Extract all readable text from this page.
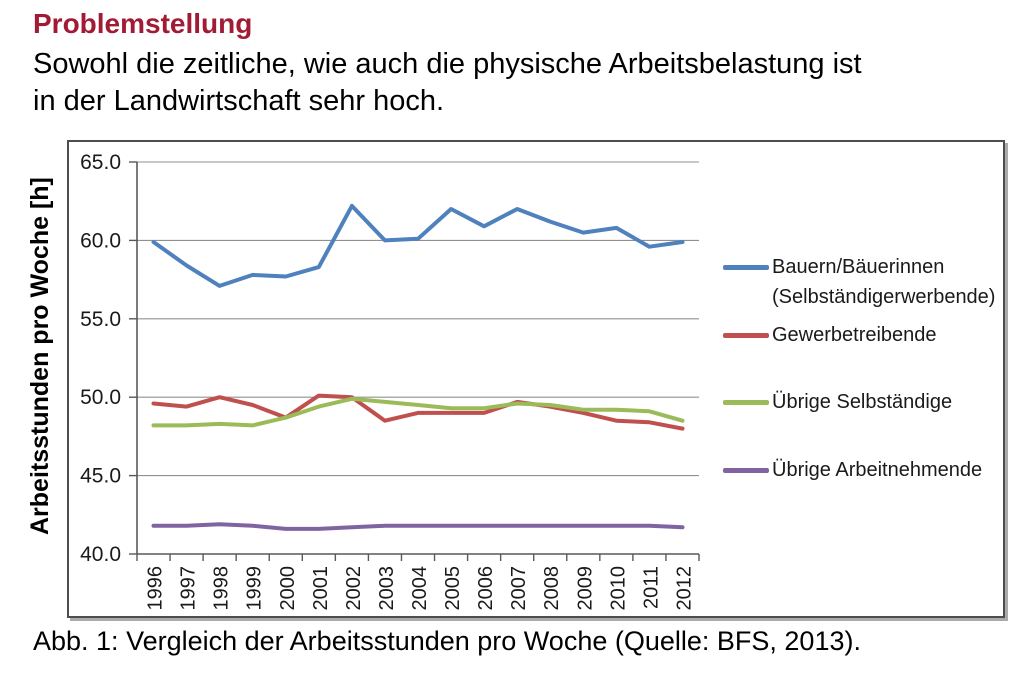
Problemstellung
Sowohl die zeitliche, wie auch die physische Arbeitsbelastung ist
in der Landwirtschaft sehr hoch.
Arbeitsstunden pro Woche [h]
40.0
45.0
50.0
55.0
60.0
65.0
1996 1997 1998 1999 2000 2001 2002 2003 2004 2005 2006 2007 2008 2009 2010 2011 2012
Bauern/Bäuerinnen
(Selbständigerwerbende)
Gewerbetreibende
Übrige Selbständige
Übrige Arbeitnehmende
Abb. 1: Vergleich der Arbeitsstunden pro Woche (Quelle: BFS, 2013).
